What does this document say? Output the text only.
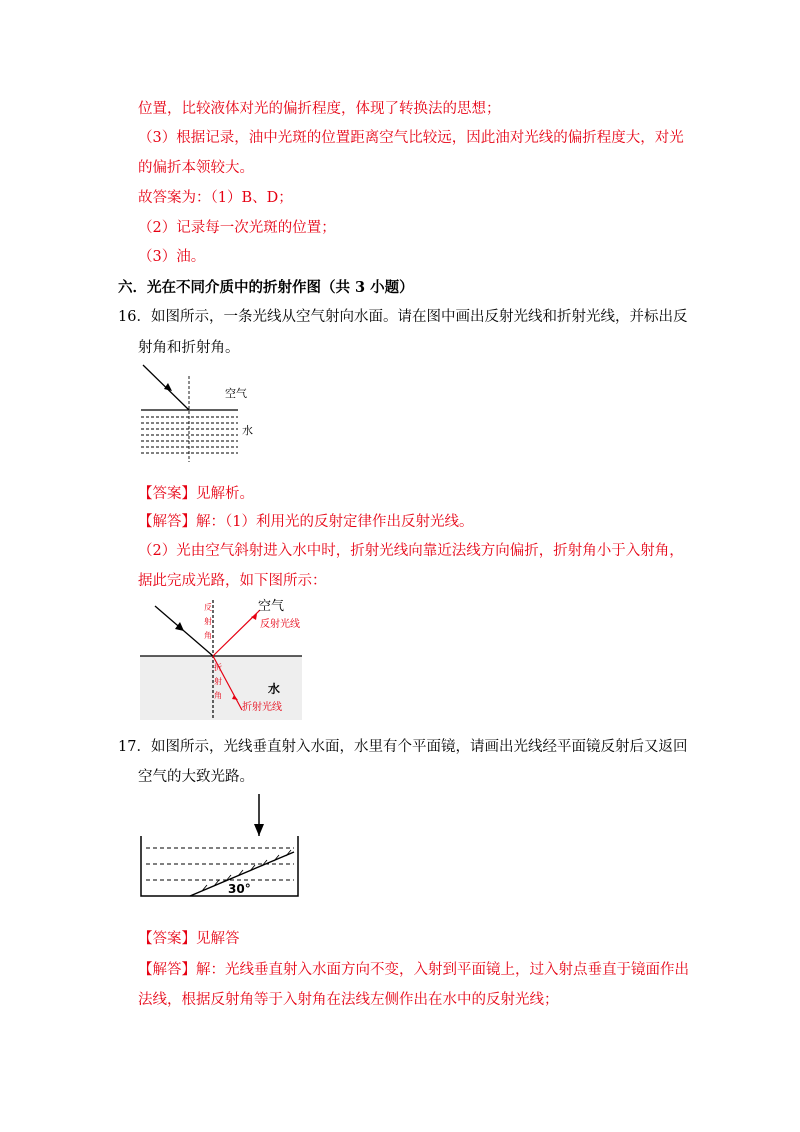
位置，比较液体对光的偏折程度，体现了转换法的思想；
（3）根据记录，油中光斑的位置距离空气比较远，因此油对光线的偏折程度大，对光
的偏折本领较大。
故答案为：（1）B、D；
（2）记录每一次光斑的位置；
（3）油。
六．光在不同介质中的折射作图（共 3 小题）
16．如图所示，一条光线从空气射向水面。请在图中画出反射光线和折射光线，并标出反
射角和折射角。
空气
水
【答案】见解析。
【解答】解：（1）利用光的反射定律作出反射光线。
（2）光由空气斜射进入水中时，折射光线向靠近法线方向偏折，折射角小于入射角，
据此完成光路，如下图所示：
反射角
折射角
空气
反射光线
水
折射光线
17．如图所示，光线垂直射入水面，水里有个平面镜，请画出光线经平面镜反射后又返回
空气的大致光路。
30°
【答案】见解答
【解答】解：光线垂直射入水面方向不变，入射到平面镜上，过入射点垂直于镜面作出
法线，根据反射角等于入射角在法线左侧作出在水中的反射光线；
